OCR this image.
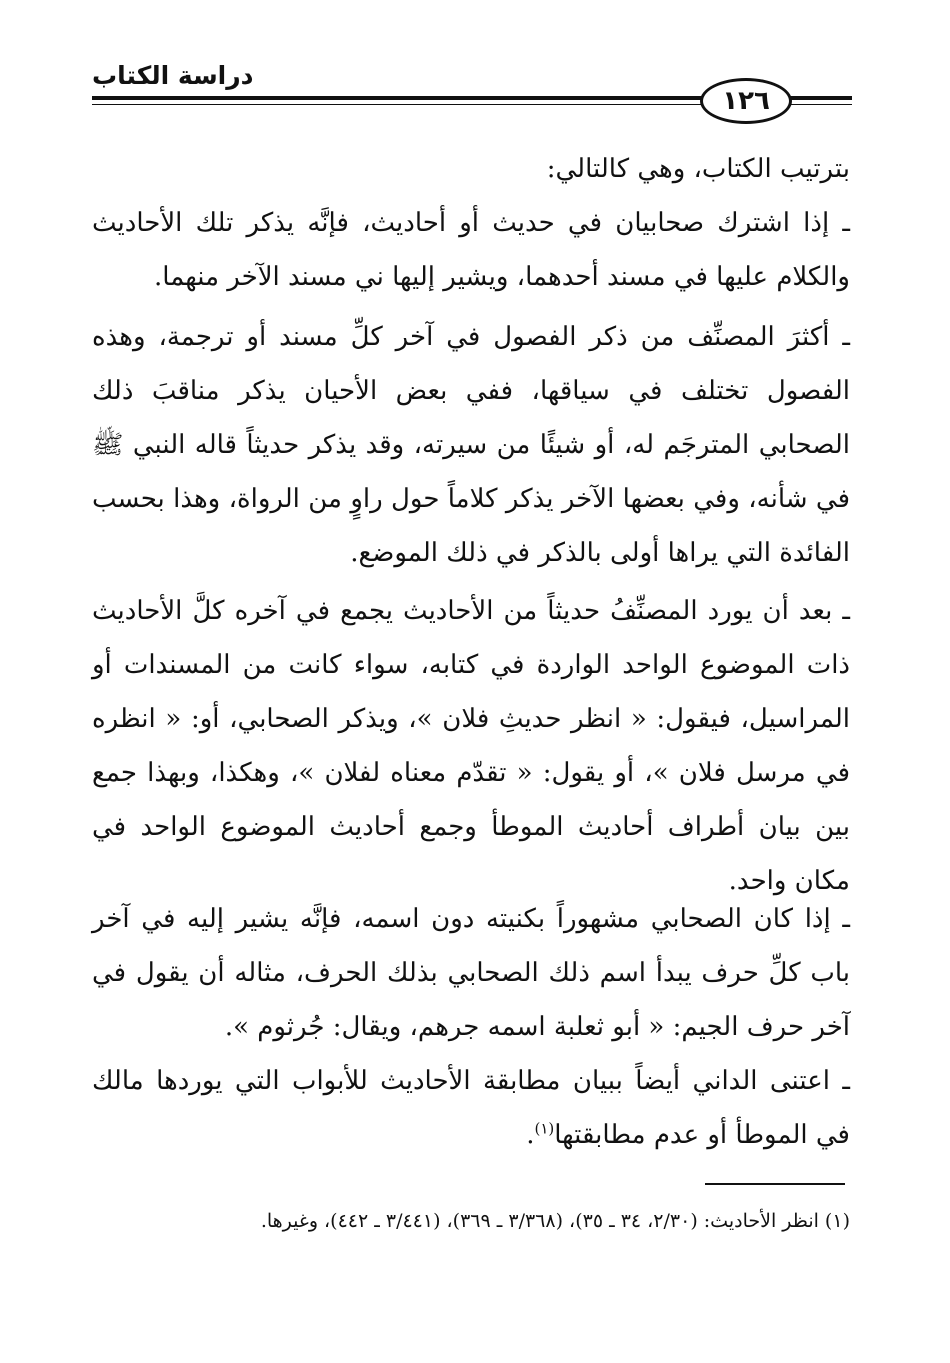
دراسة الكتاب
١٢٦

بترتيب الكتاب، وهي كالتالي:

ـ إذا اشترك صحابيان في حديث أو أحاديث، فإنَّه يذكر تلك الأحاديث والكلام عليها في مسند أحدهما، ويشير إليها ني مسند الآخر منهما.

ـ أكثرَ المصنِّف من ذكر الفصول في آخر كلِّ مسند أو ترجمة، وهذه الفصول تختلف في سياقها، ففي بعض الأحيان يذكر مناقبَ ذلك الصحابي المترجَم له، أو شيئًا من سيرته، وقد يذكر حديثاً قاله النبي ﷺ في شأنه، وفي بعضها الآخر يذكر كلاماً حول راوٍ من الرواة، وهذا بحسب الفائدة التي يراها أولى بالذكر في ذلك الموضع.

ـ بعد أن يورد المصنِّفُ حديثاً من الأحاديث يجمع في آخره كلَّ الأحاديث ذات الموضوع الواحد الواردة في كتابه، سواء كانت من المسندات أو المراسيل، فيقول: « انظر حديثِ فلان »، ويذكر الصحابي، أو: « انظره في مرسل فلان »، أو يقول: « تقدّم معناه لفلان »، وهكذا، وبهذا جمع بين بيان أطراف أحاديث الموطأ وجمع أحاديث الموضوع الواحد في مكان واحد.

ـ إذا كان الصحابي مشهوراً بكنيته دون اسمه، فإنَّه يشير إليه في آخر باب كلِّ حرف يبدأ اسم ذلك الصحابي بذلك الحرف، مثاله أن يقول في آخر حرف الجيم: « أبو ثعلبة اسمه جرهم، ويقال: جُرثوم ».

ـ اعتنى الداني أيضاً ببيان مطابقة الأحاديث للأبواب التي يوردها مالك في الموطأ أو عدم مطابقتها$^{(١)}$.

(١) انظر الأحاديث: (٢/٣٠، ٣٤ ـ ٣٥)، (٣/٣٦٨ ـ ٣٦٩)، (٣/٤٤١ ـ ٤٤٢)، وغيرها.
